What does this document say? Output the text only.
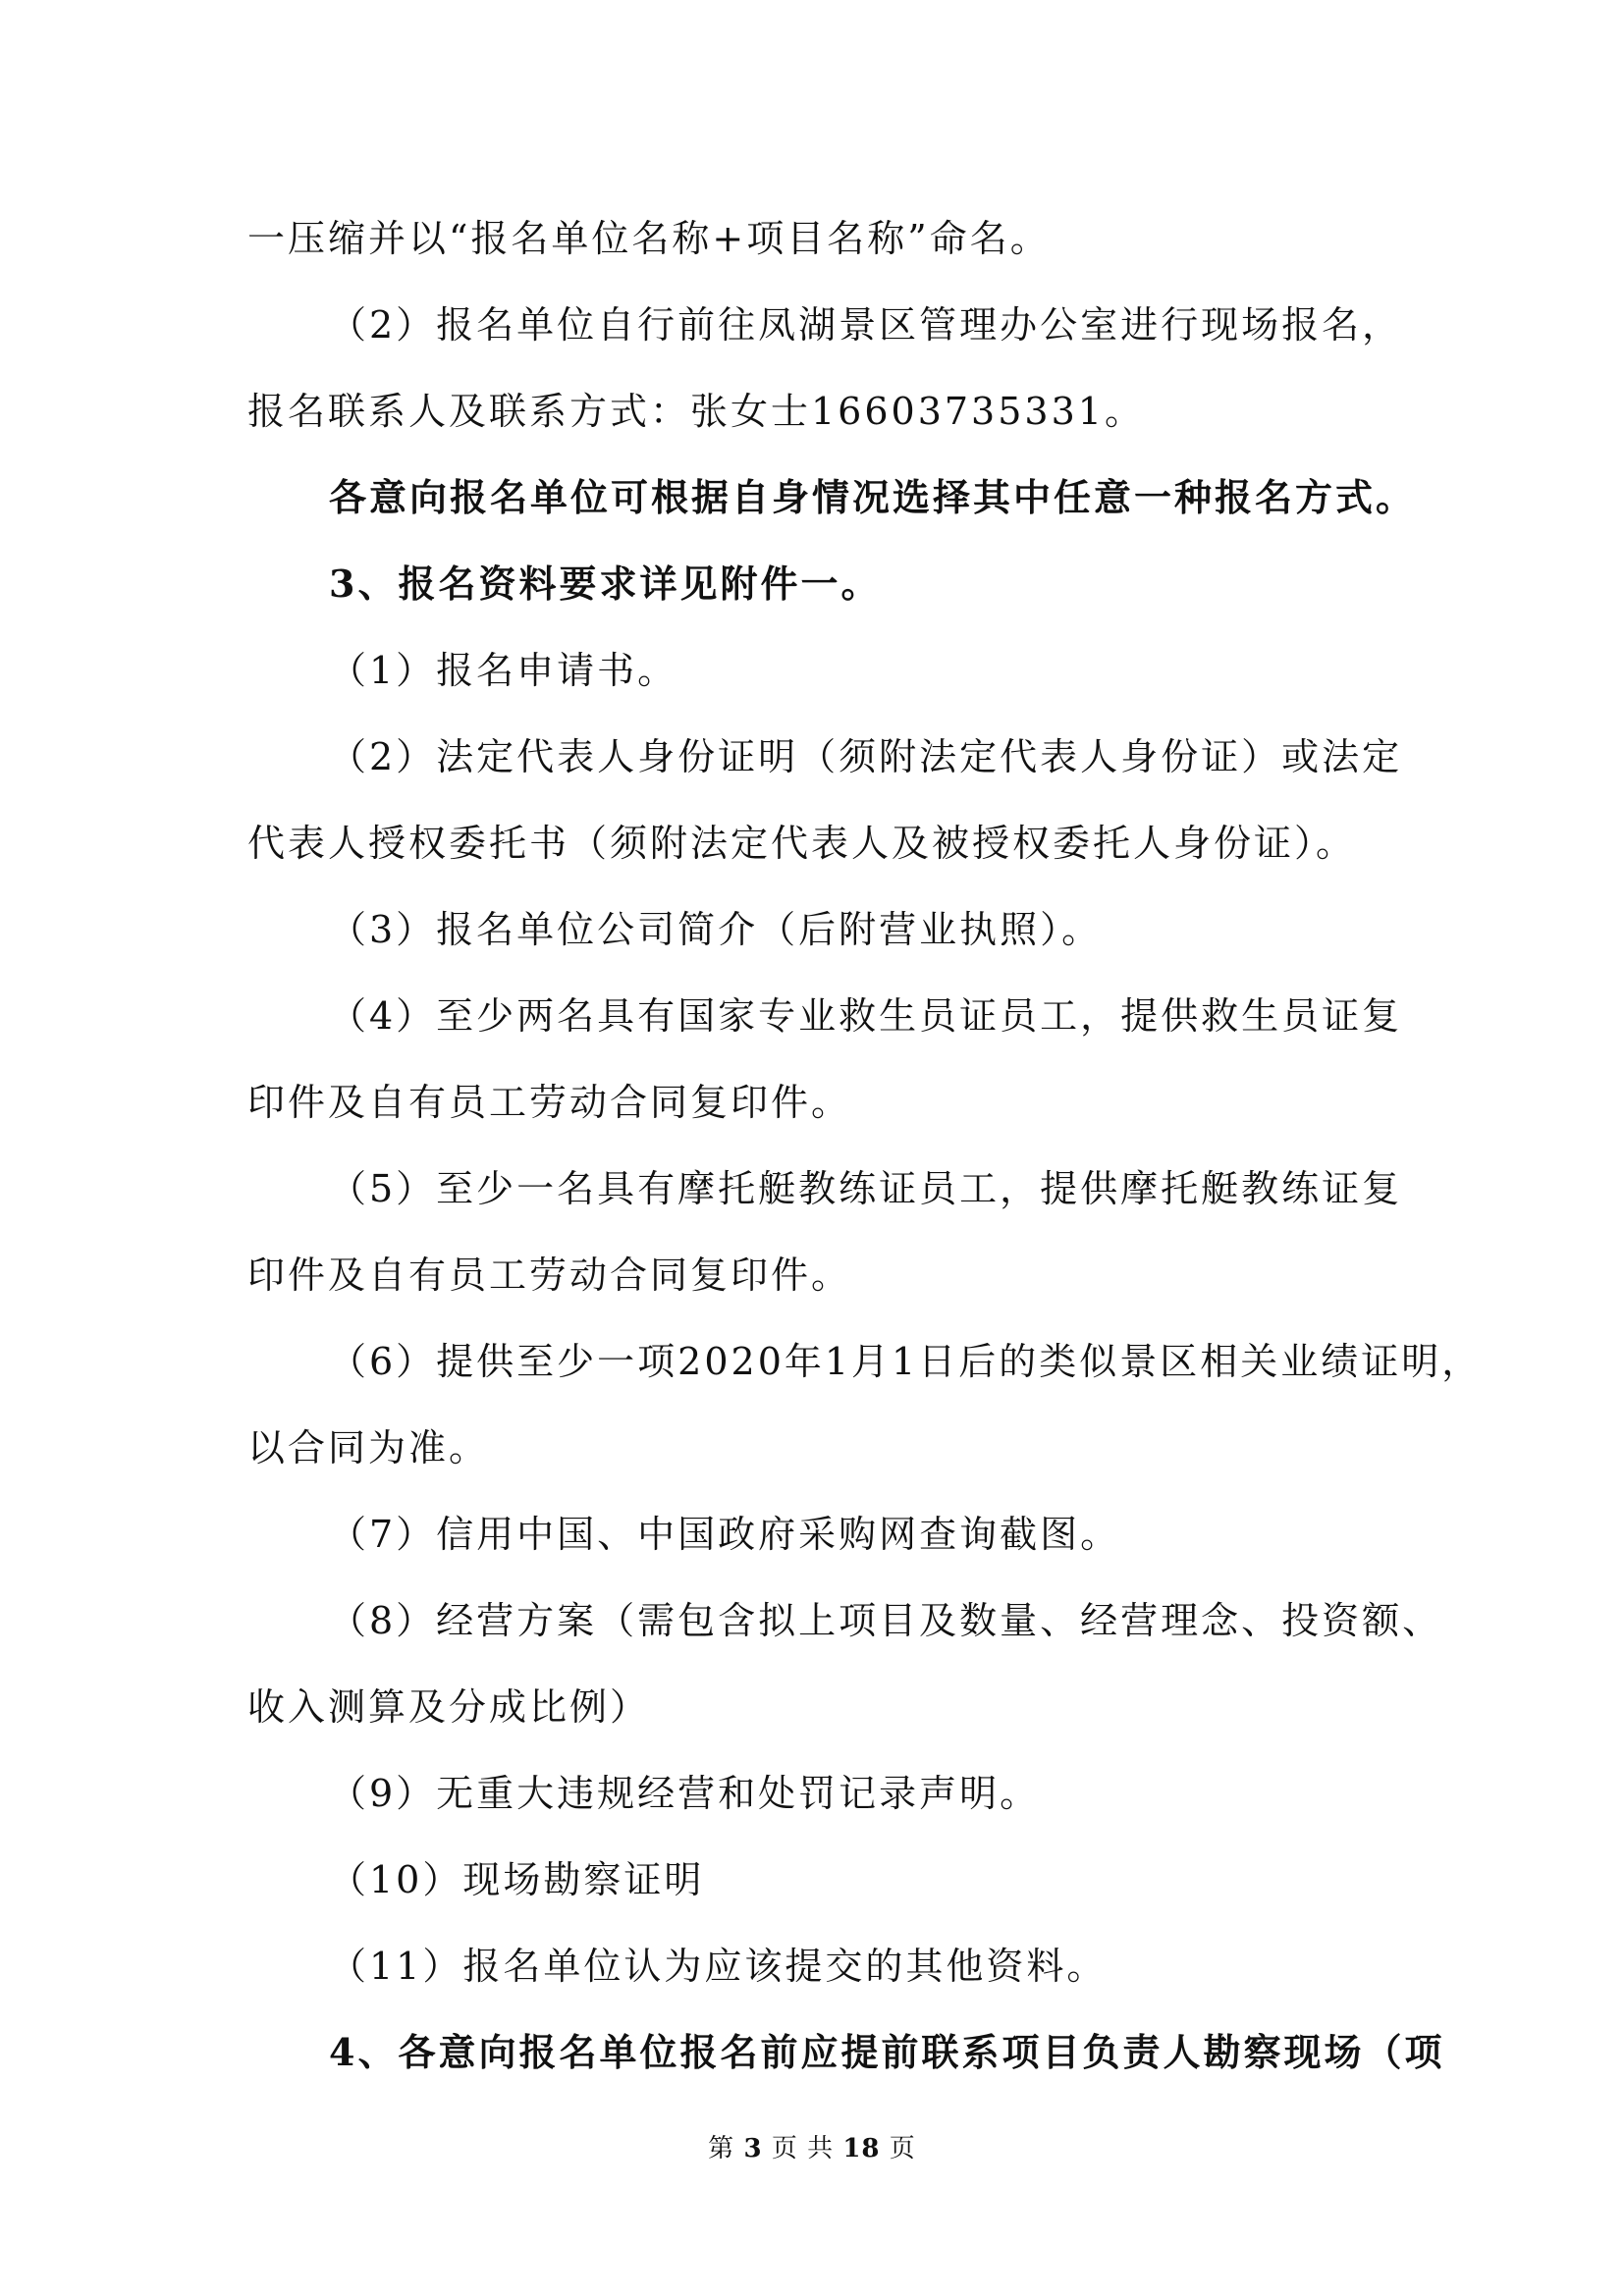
一压缩并以“报名单位名称+项目名称”命名。
（2）报名单位自行前往凤湖景区管理办公室进行现场报名，
报名联系人及联系方式：张女士16603735331。
各意向报名单位可根据自身情况选择其中任意一种报名方式。
3、报名资料要求详见附件一。
（1）报名申请书。
（2）法定代表人身份证明（须附法定代表人身份证）或法定
代表人授权委托书（须附法定代表人及被授权委托人身份证）。
（3）报名单位公司简介（后附营业执照）。
（4）至少两名具有国家专业救生员证员工，提供救生员证复
印件及自有员工劳动合同复印件。
（5）至少一名具有摩托艇教练证员工，提供摩托艇教练证复
印件及自有员工劳动合同复印件。
（6）提供至少一项2020年1月1日后的类似景区相关业绩证明，
以合同为准。
（7）信用中国、中国政府采购网查询截图。
（8）经营方案（需包含拟上项目及数量、经营理念、投资额、
收入测算及分成比例）
（9）无重大违规经营和处罚记录声明。
（10）现场勘察证明
（11）报名单位认为应该提交的其他资料。
4、各意向报名单位报名前应提前联系项目负责人勘察现场（项
第 3 页 共 18 页
